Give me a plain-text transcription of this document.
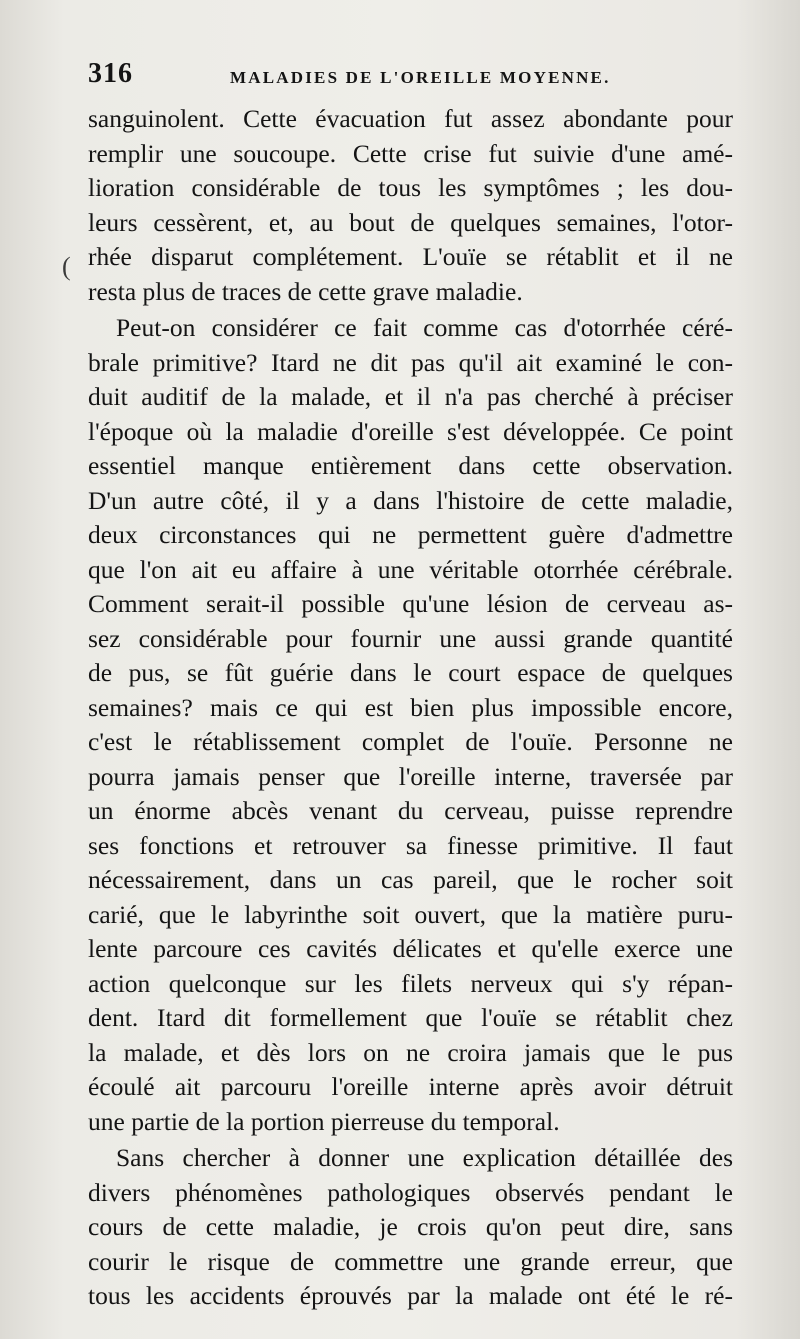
316	MALADIES DE L'OREILLE MOYENNE.
(
sanguinolent. Cette évacuation fut assez abondante pour
remplir une soucoupe. Cette crise fut suivie d'une amé-
lioration considérable de tous les symptômes ; les dou-
leurs cessèrent, et, au bout de quelques semaines, l'otor-
rhée disparut complétement. L'ouïe se rétablit et il ne
resta plus de traces de cette grave maladie.
Peut-on considérer ce fait comme cas d'otorrhée céré-
brale primitive? Itard ne dit pas qu'il ait examiné le con-
duit auditif de la malade, et il n'a pas cherché à préciser
l'époque où la maladie d'oreille s'est développée. Ce point
essentiel manque entièrement dans cette observation.
D'un autre côté, il y a dans l'histoire de cette maladie,
deux circonstances qui ne permettent guère d'admettre
que l'on ait eu affaire à une véritable otorrhée cérébrale.
Comment serait-il possible qu'une lésion de cerveau as-
sez considérable pour fournir une aussi grande quantité
de pus, se fût guérie dans le court espace de quelques
semaines? mais ce qui est bien plus impossible encore,
c'est le rétablissement complet de l'ouïe. Personne ne
pourra jamais penser que l'oreille interne, traversée par
un énorme abcès venant du cerveau, puisse reprendre
ses fonctions et retrouver sa finesse primitive. Il faut
nécessairement, dans un cas pareil, que le rocher soit
carié, que le labyrinthe soit ouvert, que la matière puru-
lente parcoure ces cavités délicates et qu'elle exerce une
action quelconque sur les filets nerveux qui s'y répan-
dent. Itard dit formellement que l'ouïe se rétablit chez
la malade, et dès lors on ne croira jamais que le pus
écoulé ait parcouru l'oreille interne après avoir détruit
une partie de la portion pierreuse du temporal.
Sans chercher à donner une explication détaillée des
divers phénomènes pathologiques observés pendant le
cours de cette maladie, je crois qu'on peut dire, sans
courir le risque de commettre une grande erreur, que
tous les accidents éprouvés par la malade ont été le ré-
